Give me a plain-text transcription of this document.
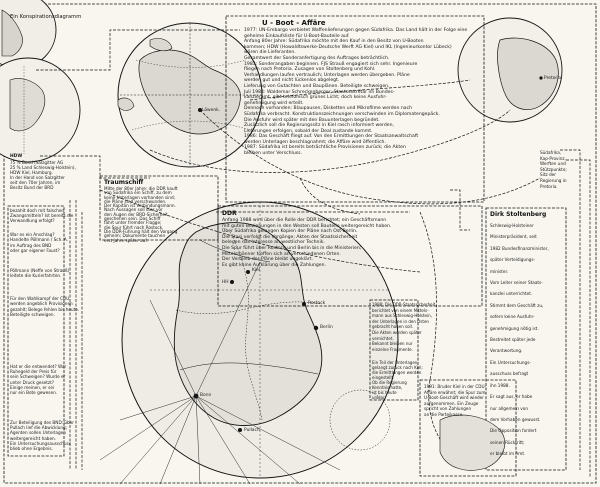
Ein Konspirationsdiagramm
U - Boot - Affäre
Traumschiff
DDR	Dirk Stoltenberg
HDW
Löwenk.
Pretoria
Bonn
Rostock
Berlin
Kiel
HH
Pullach
1977: UN-Embargo verbietet Waffenlieferungen gegen Südafrika. Das Land hält in der Folge eine
geheime Einkaufsliste für U-Boot-Bauteile auf.
Anfang 80er Jahre: Südafrika möchte mit den Kauf in den Besitz von U-Booten
kommen; HDW (Howaldtswerke-Deutsche Werft AG Kiel) und IKL (Ingenieurkontor Lübeck)
wären die Lieferanten.
Gesamtwert der Sonderanfertigung des Auftrages beträchtlich.
1983: Sonderangaben beginnen. FJS Strauß engagiert sich sehr. Ingenieure
fliegen nach Pretoria. Zusagen von Stoltenberg und Kohl.
Verhandlungen laufen vertraulich; Unterlagen werden übergeben. Pläne
werden gut und nicht lückenlos abgelegt.
Lieferung von Gutachten und Bauplänen. Beteiligte schweigen.
Juli 1984: Waldemar Schreckenberger, Staatssekretär im Bundes-
kanzleramt, gibt telefonisch grünes Licht; doch keine Ausfuhr-
genehmigung wird erteilt.
Dennoch vorhanden: Blaupausen, Disketten und Mikrofilme werden nach
Südafrika verbracht. Konstruktionszeichnungen verschwinden im Diplomatengepäck.
Die Ausfuhr wird später mit den Bauunterlagen begründet.
Zusätzlich soll die Regierungssitz in Kiel rasch informiert werden,
Lieferungen erfolgen, sobald der Deal zustande kommt.
1986: Das Geschäft fliegt auf. Von den Ermittlungen der Staatsanwaltschaft
werden Unterlagen beschlagnahmt; die Affäre wird öffentlich.
1987: Südafrika ist bereits beträchtliche Provisionen zurück; die Akten
bleiben unter Verschluss.
75 % Bund (Salzgitter AG
25 % Land Schleswig-Holstein),
HDW Kiel, Hamburg.
In der Hand von Salzgitter
seit den 70er Jahren, im
Besitz Bund der BRD	Mitte der 80er Jahre: die DDR kauft
von Südafrika ein Schiff, zu dem
keine Unterlagen vorhanden sind;
die Pläne sind verschwunden.
Der Kapitän ist Verbindungsmann.
Nach Aussagen soll dies vor
den Augen der BRD-Sicherheit
geschehen sein. Das Schiff
fährt unter fremder Flagge;
die Spur führt nach Rostock.
Die DDR-Führung hält den Vorgang
geheim; Dokumente tauchen
erst Jahre später auf.
bezahlt doch mit falschen
Zwangsmitteln? Ist bereits die
Verwandlung erfolgt?
War es ein Anschlag?
Handelte Pöllmann / Sch. A.
im Auftrag des BND
oder gar eigener Faust?
Pöllmann (Neffe von Strauß)
leitete die Kurierfahrten.
Für den Wahlkampf der CDU
werden angeblich Provisionen
gezahlt; Belege fehlen bis heute.
Beteiligte schweigen.
Hat er die entwendet? War
Ruhegeld der Preis für
sein Schweigen? Wurde er
unter Druck gesetzt?
Einige meinen, er sei
nur ein Bote gewesen.
Zur Beteiligung des BND: über
Pullach lief die Abwicklung;
Agenten sollen Unterlagen
weitergereicht haben.
Ein Untersuchungsausschuss
blieb ohne Ergebnis.
Anfang 1988 wird über die Rolle der DDR berichtet; ein Geschäftsmann
mit guten Beziehungen in den Westen soll Bauteile weitergereicht haben.
Über Südafrika gelangen Kopien der Pläne nach Ost-Berlin.
Die Stasi verfolgt die Vorgänge; Akten der Staatssicherheit
belegen das Interesse an westlicher Technik.
Die Spur führt über Rostock und Berlin bis in die Ministerien;
Mittelsmänner treffen sich an verschiedenen Orten.
Der Verbleib der Pläne bleibt ungeklärt.
Es gibt keine Aufklärung über die Zahlungen.
1988: Die DDR-Staatssicherheit
berichtet von einem Mittels-
mann aus Schleswig-Holstein,
der Unterlagen in den Osten
gebracht haben soll.
Die Akten werden später
vernichtet.
Bekannt bleiben nur
einzelne Fragmente.
Ein Teil der Unterlagen
gelangt zurück nach Kiel;
die Ermittlungen werden
eingestellt.
Ob die Regierung
Kenntnis hatte,
ist bis heute
unklar.
1991: Bruder Kiel in der CDU-
Affäre erwähnt; die Spur zum
U-Boot-Geschäft wird wieder
aufgenommen. Ein Zeuge
spricht von Zahlungen
an die Parteikasse.
Südafrika,
Kap-Provinz,
Werften und
Stützpunkte;
Sitz der
Regierung in
Pretoria.
Schleswig-Holsteiner
Ministerpräsident, seit
1982 Bundesfinanzminister,
später Verteidigungs-
minister.
Vom Leiter seiner Staats-
kanzlei unterrichtet.
Stimmt dem Geschäft zu,
sofern keine Ausfuhr-
genehmigung nötig ist.
Bestreitet später jede
Verantwortung.
Ein Untersuchungs-
ausschuss befragt
ihn 1988.
Er sagt aus, er habe
nur allgemein von
dem Vorhaben gewusst.
Die Opposition fordert
seinen Rücktritt;
er bleibt im Amt.
